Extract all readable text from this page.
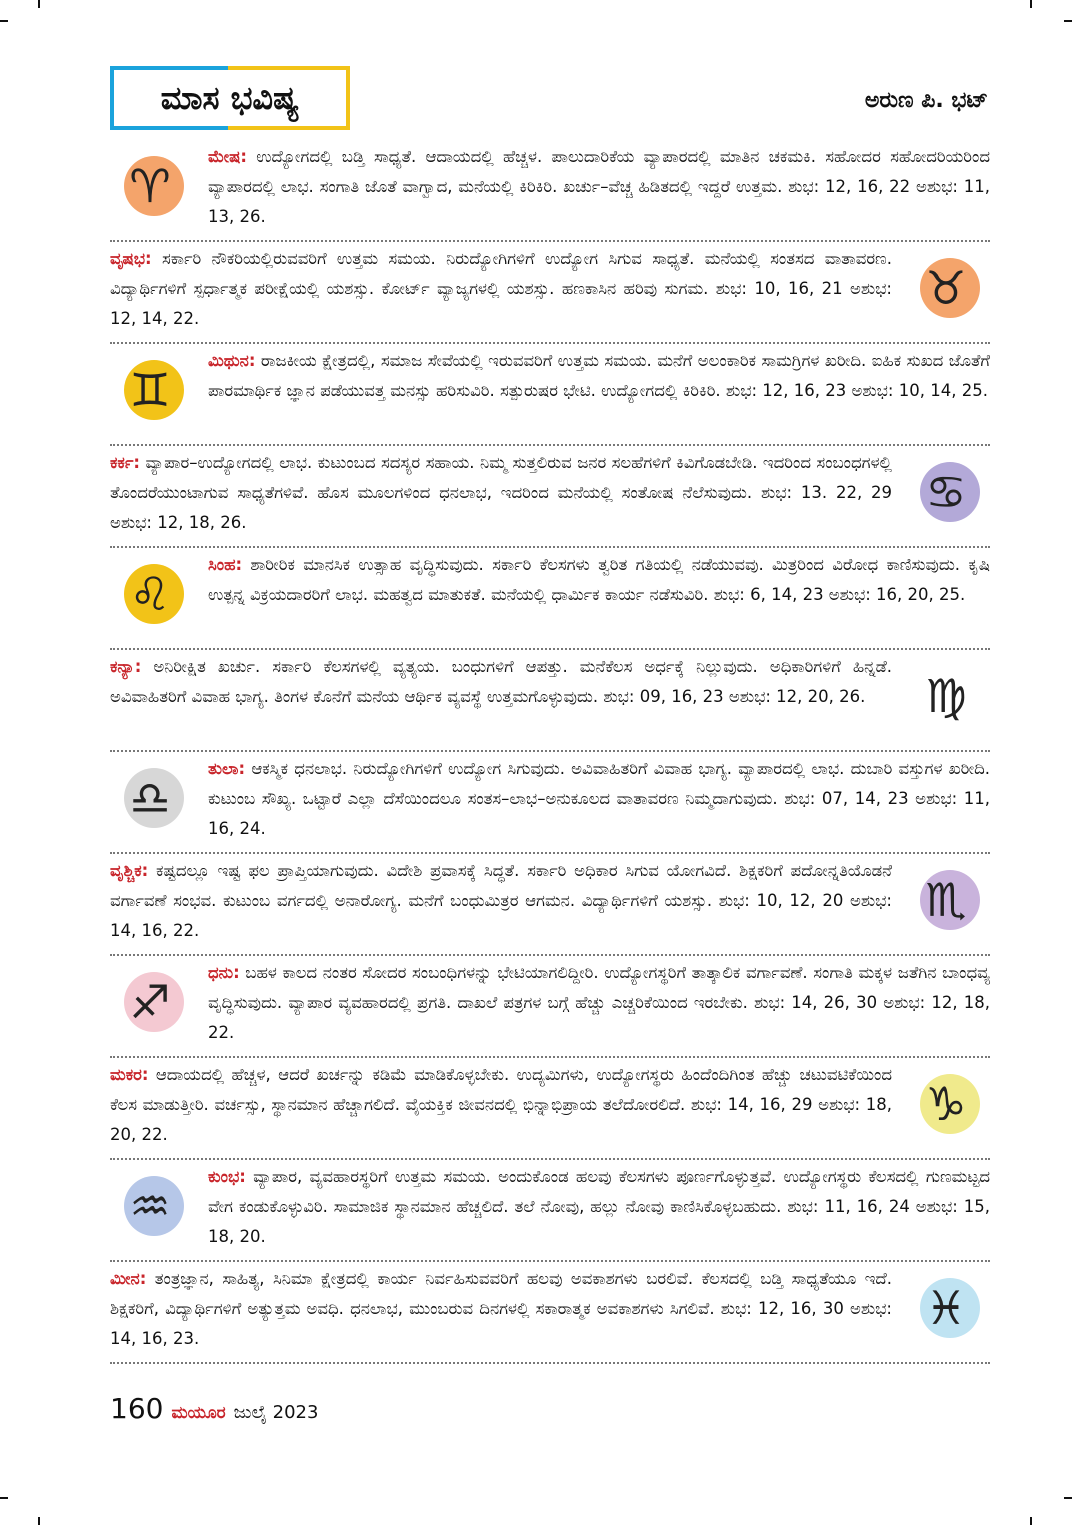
ಮಾಸ ಭವಿಷ್ಯ	ಅರುಣ ಪಿ. ಭಟ್
♈
ಮೇಷ: ಉದ್ಯೋಗದಲ್ಲಿ ಬಡ್ತಿ ಸಾಧ್ಯತೆ. ಆದಾಯದಲ್ಲಿ ಹೆಚ್ಚಳ. ಪಾಲುದಾರಿಕೆಯ ವ್ಯಾಪಾರದಲ್ಲಿ ಮಾತಿನ ಚಕಮಕಿ. ಸಹೋದರ ಸಹೋದರಿಯರಿಂದ ವ್ಯಾಪಾರದಲ್ಲಿ ಲಾಭ. ಸಂಗಾತಿ ಜೊತೆ ವಾಗ್ವಾದ, ಮನೆಯಲ್ಲಿ ಕಿರಿಕಿರಿ. ಖರ್ಚು–ವೆಚ್ಚ ಹಿಡಿತದಲ್ಲಿ ಇದ್ದರೆ ಉತ್ತಮ. ಶುಭ: 12, 16, 22 ಅಶುಭ: 11, 13, 26.
♉
ವೃಷಭ: ಸರ್ಕಾರಿ ನೌಕರಿಯಲ್ಲಿರುವವರಿಗೆ ಉತ್ತಮ ಸಮಯ. ನಿರುದ್ಯೋಗಿಗಳಿಗೆ ಉದ್ಯೋಗ ಸಿಗುವ ಸಾಧ್ಯತೆ. ಮನೆಯಲ್ಲಿ ಸಂತಸದ ವಾತಾವರಣ. ವಿದ್ಯಾರ್ಥಿಗಳಿಗೆ ಸ್ಪರ್ಧಾತ್ಮಕ ಪರೀಕ್ಷೆಯಲ್ಲಿ ಯಶಸ್ಸು. ಕೋರ್ಟ್ ವ್ಯಾಜ್ಯಗಳಲ್ಲಿ ಯಶಸ್ಸು. ಹಣಕಾಸಿನ ಹರಿವು ಸುಗಮ. ಶುಭ: 10, 16, 21 ಅಶುಭ: 12, 14, 22.
♊
ಮಿಥುನ: ರಾಜಕೀಯ ಕ್ಷೇತ್ರದಲ್ಲಿ, ಸಮಾಜ ಸೇವೆಯಲ್ಲಿ ಇರುವವರಿಗೆ ಉತ್ತಮ ಸಮಯ. ಮನೆಗೆ ಅಲಂಕಾರಿಕ ಸಾಮಗ್ರಿಗಳ ಖರೀದಿ. ಐಹಿಕ ಸುಖದ ಜೊತೆಗೆ ಪಾರಮಾರ್ಥಿಕ ಜ್ಞಾನ ಪಡೆಯುವತ್ತ ಮನಸ್ಸು ಹರಿಸುವಿರಿ. ಸತ್ಪುರುಷರ ಭೇಟಿ. ಉದ್ಯೋಗದಲ್ಲಿ ಕಿರಿಕಿರಿ. ಶುಭ: 12, 16, 23 ಅಶುಭ: 10, 14, 25.
♋
ಕರ್ಕ: ವ್ಯಾಪಾರ–ಉದ್ಯೋಗದಲ್ಲಿ ಲಾಭ. ಕುಟುಂಬದ ಸದಸ್ಯರ ಸಹಾಯ. ನಿಮ್ಮ ಸುತ್ತಲಿರುವ ಜನರ ಸಲಹೆಗಳಿಗೆ ಕಿವಿಗೊಡಬೇಡಿ. ಇದರಿಂದ ಸಂಬಂಧಗಳಲ್ಲಿ ತೊಂದರೆಯುಂಟಾಗುವ ಸಾಧ್ಯತೆಗಳಿವೆ. ಹೊಸ ಮೂಲಗಳಿಂದ ಧನಲಾಭ, ಇದರಿಂದ ಮನೆಯಲ್ಲಿ ಸಂತೋಷ ನೆಲೆಸುವುದು. ಶುಭ: 13. 22, 29 ಅಶುಭ: 12, 18, 26.
♌
ಸಿಂಹ: ಶಾರೀರಿಕ ಮಾನಸಿಕ ಉತ್ಸಾಹ ವೃದ್ಧಿಸುವುದು. ಸರ್ಕಾರಿ ಕೆಲಸಗಳು ತ್ವರಿತ ಗತಿಯಲ್ಲಿ ನಡೆಯುವವು. ಮಿತ್ರರಿಂದ ವಿರೋಧ ಕಾಣಿಸುವುದು. ಕೃಷಿ ಉತ್ಪನ್ನ ವಿಕ್ರಯದಾರರಿಗೆ ಲಾಭ. ಮಹತ್ವದ ಮಾತುಕತೆ. ಮನೆಯಲ್ಲಿ ಧಾರ್ಮಿಕ ಕಾರ್ಯ ನಡೆಸುವಿರಿ. ಶುಭ: 6, 14, 23 ಅಶುಭ: 16, 20, 25.
♍
ಕನ್ಯಾ: ಅನಿರೀಕ್ಷಿತ ಖರ್ಚು. ಸರ್ಕಾರಿ ಕೆಲಸಗಳಲ್ಲಿ ವ್ಯತ್ಯಯ. ಬಂಧುಗಳಿಗೆ ಆಪತ್ತು. ಮನೆಕೆಲಸ ಅರ್ಧಕ್ಕೆ ನಿಲ್ಲುವುದು. ಅಧಿಕಾರಿಗಳಿಗೆ ಹಿನ್ನಡೆ. ಅವಿವಾಹಿತರಿಗೆ ವಿವಾಹ ಭಾಗ್ಯ. ತಿಂಗಳ ಕೊನೆಗೆ ಮನೆಯ ಆರ್ಥಿಕ ವ್ಯವಸ್ಥೆ ಉತ್ತಮಗೊಳ್ಳುವುದು. ಶುಭ: 09, 16, 23 ಅಶುಭ: 12, 20, 26.
♎
ತುಲಾ: ಆಕಸ್ಮಿಕ ಧನಲಾಭ. ನಿರುದ್ಯೋಗಿಗಳಿಗೆ ಉದ್ಯೋಗ ಸಿಗುವುದು. ಅವಿವಾಹಿತರಿಗೆ ವಿವಾಹ ಭಾಗ್ಯ. ವ್ಯಾಪಾರದಲ್ಲಿ ಲಾಭ. ದುಬಾರಿ ವಸ್ತುಗಳ ಖರೀದಿ. ಕುಟುಂಬ ಸೌಖ್ಯ. ಒಟ್ಟಾರೆ ಎಲ್ಲಾ ದೆಸೆಯಿಂದಲೂ ಸಂತಸ–ಲಾಭ–ಅನುಕೂಲದ ವಾತಾವರಣ ನಿಮ್ಮದಾಗುವುದು. ಶುಭ: 07, 14, 23 ಅಶುಭ: 11, 16, 24.
♏
ವೃಶ್ಚಿಕ: ಕಷ್ಟದಲ್ಲೂ ಇಷ್ಟ ಫಲ ಪ್ರಾಪ್ತಿಯಾಗುವುದು. ವಿದೇಶಿ ಪ್ರವಾಸಕ್ಕೆ ಸಿದ್ಧತೆ. ಸರ್ಕಾರಿ ಅಧಿಕಾರ ಸಿಗುವ ಯೋಗವಿದೆ. ಶಿಕ್ಷಕರಿಗೆ ಪದೋನ್ನತಿಯೊಡನೆ ವರ್ಗಾವಣೆ ಸಂಭವ. ಕುಟುಂಬ ವರ್ಗದಲ್ಲಿ ಅನಾರೋಗ್ಯ. ಮನೆಗೆ ಬಂಧುಮಿತ್ರರ ಆಗಮನ. ವಿದ್ಯಾರ್ಥಿಗಳಿಗೆ ಯಶಸ್ಸು. ಶುಭ: 10, 12, 20 ಅಶುಭ: 14, 16, 22.
♐
ಧನು: ಬಹಳ ಕಾಲದ ನಂತರ ಸೋದರ ಸಂಬಂಧಿಗಳನ್ನು ಭೇಟಿಯಾಗಲಿದ್ದೀರಿ. ಉದ್ಯೋಗಸ್ಥರಿಗೆ ತಾತ್ಕಾಲಿಕ ವರ್ಗಾವಣೆ. ಸಂಗಾತಿ ಮಕ್ಕಳ ಜತೆಗಿನ ಬಾಂಧವ್ಯ ವೃದ್ಧಿಸುವುದು. ವ್ಯಾಪಾರ ವ್ಯವಹಾರದಲ್ಲಿ ಪ್ರಗತಿ. ದಾಖಲೆ ಪತ್ರಗಳ ಬಗ್ಗೆ ಹೆಚ್ಚು ಎಚ್ಚರಿಕೆಯಿಂದ ಇರಬೇಕು. ಶುಭ: 14, 26, 30 ಅಶುಭ: 12, 18, 22.
♑
ಮಕರ: ಆದಾಯದಲ್ಲಿ ಹೆಚ್ಚಳ, ಆದರೆ ಖರ್ಚನ್ನು ಕಡಿಮೆ ಮಾಡಿಕೊಳ್ಳಬೇಕು. ಉದ್ಯಮಿಗಳು, ಉದ್ಯೋಗಸ್ಥರು ಹಿಂದೆಂದಿಗಿಂತ ಹೆಚ್ಚು ಚಟುವಟಿಕೆಯಿಂದ ಕೆಲಸ ಮಾಡುತ್ತೀರಿ. ವರ್ಚಸ್ಸು, ಸ್ಥಾನಮಾನ ಹೆಚ್ಚಾಗಲಿದೆ. ವೈಯಕ್ತಿಕ ಜೀವನದಲ್ಲಿ ಭಿನ್ನಾಭಿಪ್ರಾಯ ತಲೆದೋರಲಿದೆ. ಶುಭ: 14, 16, 29 ಅಶುಭ: 18, 20, 22.
♒
ಕುಂಭ: ವ್ಯಾಪಾರ, ವ್ಯವಹಾರಸ್ಥರಿಗೆ ಉತ್ತಮ ಸಮಯ. ಅಂದುಕೊಂಡ ಹಲವು ಕೆಲಸಗಳು ಪೂರ್ಣಗೊಳ್ಳುತ್ತವೆ. ಉದ್ಯೋಗಸ್ಥರು ಕೆಲಸದಲ್ಲಿ ಗುಣಮಟ್ಟದ ವೇಗ ಕಂಡುಕೊಳ್ಳುವಿರಿ. ಸಾಮಾಜಿಕ ಸ್ಥಾನಮಾನ ಹೆಚ್ಚಲಿದೆ. ತಲೆ ನೋವು, ಹಲ್ಲು ನೋವು ಕಾಣಿಸಿಕೊಳ್ಳಬಹುದು. ಶುಭ: 11, 16, 24 ಅಶುಭ: 15, 18, 20.
♓
ಮೀನ: ತಂತ್ರಜ್ಞಾನ, ಸಾಹಿತ್ಯ, ಸಿನಿಮಾ ಕ್ಷೇತ್ರದಲ್ಲಿ ಕಾರ್ಯ ನಿರ್ವಹಿಸುವವರಿಗೆ ಹಲವು ಅವಕಾಶಗಳು ಬರಲಿವೆ. ಕೆಲಸದಲ್ಲಿ ಬಡ್ತಿ ಸಾಧ್ಯತೆಯೂ ಇದೆ. ಶಿಕ್ಷಕರಿಗೆ, ವಿದ್ಯಾರ್ಥಿಗಳಿಗೆ ಅತ್ಯುತ್ತಮ ಅವಧಿ. ಧನಲಾಭ, ಮುಂಬರುವ ದಿನಗಳಲ್ಲಿ ಸಕಾರಾತ್ಮಕ ಅವಕಾಶಗಳು ಸಿಗಲಿವೆ. ಶುಭ: 12, 16, 30 ಅಶುಭ: 14, 16, 23.
160 ಮಯೂರ ಜುಲೈ 2023
